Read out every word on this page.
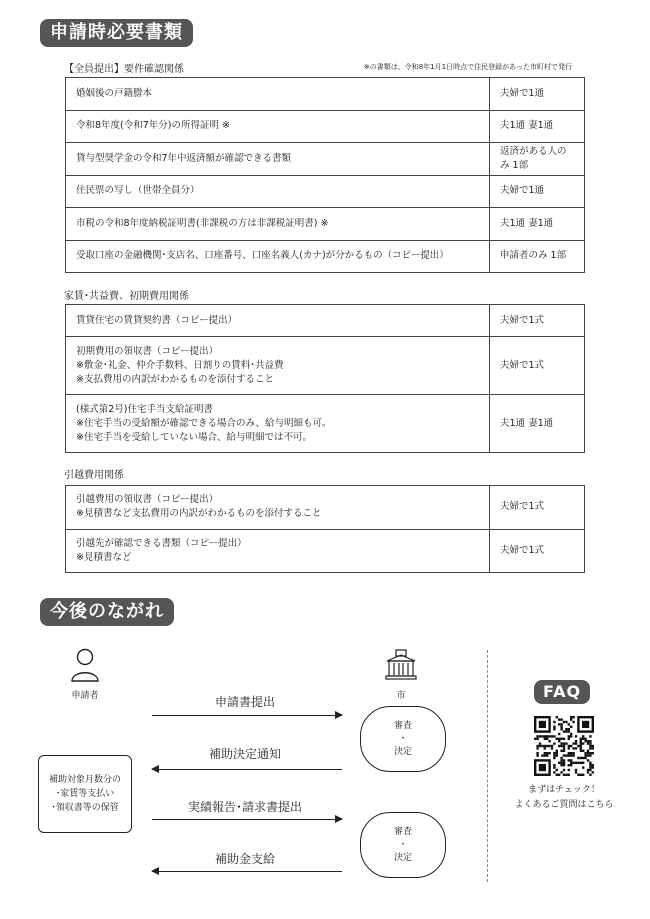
申請時必要書類
【全員提出】要件確認関係	※の書類は、令和8年1月1日時点で住民登録があった市町村で発行
婚姻後の戸籍謄本	夫婦で1通
令和8年度(令和7年分)の所得証明 ※	夫1通 妻1通
貸与型奨学金の令和7年中返済額が確認できる書類	返済がある人のみ 1部
住民票の写し（世帯全員分）	夫婦で1通
市税の令和8年度納税証明書(非課税の方は非課税証明書) ※	夫1通 妻1通
受取口座の金融機関･支店名、口座番号、口座名義人(カナ)が分かるもの（コピー提出）	申請者のみ 1部
家賃･共益費、初期費用関係
賃貸住宅の賃貸契約書（コピー提出）	夫婦で1式

初期費用の領収書（コピー提出）
※敷金･礼金、仲介手数料、日割りの賃料･共益費
※支払費用の内訳がわかるものを添付すること	夫婦で1式

(様式第2号)住宅手当支給証明書
※住宅手当の受給額が確認できる場合のみ、給与明細も可。
※住宅手当を受給していない場合、給与明細では不可。	夫1通 妻1通
引越費用関係
引越費用の領収書（コピー提出）
※見積書など支払費用の内訳がわかるものを添付すること	夫婦で1式

引越先が確認できる書類（コピー提出）
※見積書など	夫婦で1式
今後のながれ
申請者	市
申請書提出
補助決定通知
実績報告･請求書提出
補助金支給
審査
・
決定
審査
・
決定
補助対象月数分の
･家賃等支払い
･領収書等の保管
FAQ
まずはチェック！
よくあるご質問はこちら
